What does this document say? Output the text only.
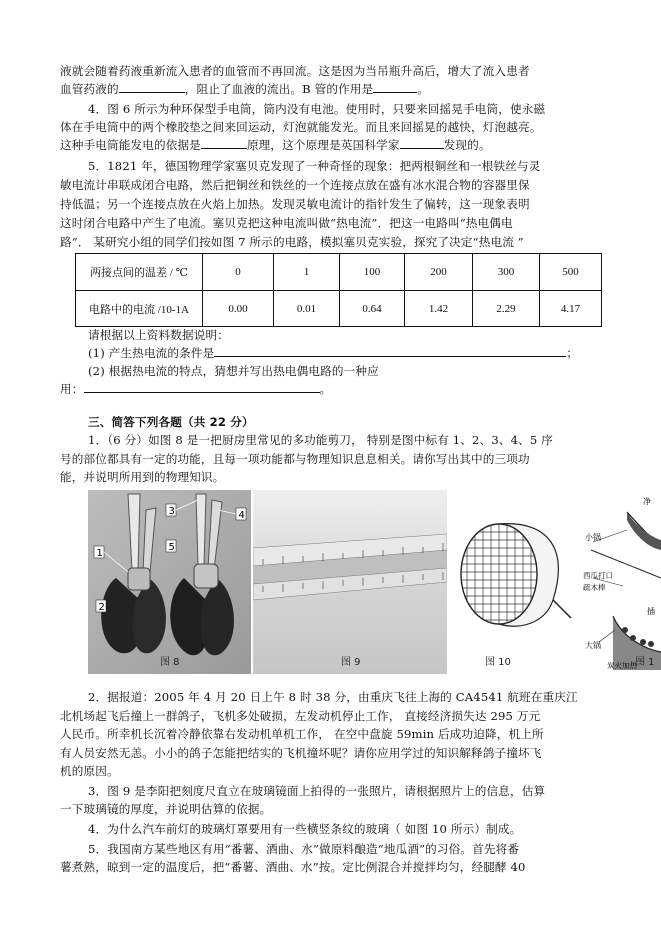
液就会随着药液重新流入患者的血管而不再回流。这是因为当吊瓶升高后，增大了流入患者
血管药液的	，阻止了血液的流出。B 管的作用是	。
4．图 6 所示为种环保型手电筒，筒内没有电池。使用时，只要来回摇晃手电筒，使永磁
体在手电筒中的两个橡胶垫之间来回运动，灯泡就能发光。而且来回摇晃的越快，灯泡越亮。
这种手电筒能发电的依据是	原理，这个原理是英国科学家	发现的。
5．1821 年，德国物理学家塞贝克发现了一种奇怪的现象：把两根铜丝和一根铁丝与灵
敏电流计串联成闭合电路，然后把铜丝和铁丝的一个连接点放在盛有冰水混合物的容器里保
持低温；另一个连接点放在火焰上加热。发现灵敏电流计的指针发生了偏转，这一现象表明
这时闭合电路中产生了电流。塞贝克把这种电流叫做“热电流”．把这一电路叫“热电偶电
路”． 某研究小组的同学们按如图 7 所示的电路，模拟塞贝克实验，探究了决定“热电流 ”
两接点间的温差 / ℃	0	1	100	200	300	500
电路中的电流 /10-1A	0.00	0.01	0.64	1.42	2.29	4.17
请根据以上资料数据说明：
(1) 产生热电流的条件是	；
(2) 根据热电流的特点，猜想并写出热电偶电路的一种应
用：	。
三、简答下列各题（共 22 分）
1．（6 分）如图 8 是一把厨房里常见的多功能剪刀， 特别是图中标有 1、2、3、4、5 序
号的部位都具有一定的功能，且每一项功能都与物理知识息息相关。请你写出其中的三项功
能，并说明所用到的物理知识。
1
2
3	4
5
图 8	图 9	图 10
小锅
西瓜打口
疏木棒
大锅
炭火加热
净
插
图 1
2．据报道：2005 年 4 月 20 日上午 8 时 38 分，由重庆飞往上海的 CA4541 航班在重庆江
北机场起飞后撞上一群鸽子，飞机多处破损，左发动机停止工作， 直接经济损失达 295 万元
人民币。所幸机长沉着冷静依靠右发动机单机工作， 在空中盘旋 59min 后成功迫降，机上所
有人员安然无恙。小小的鸽子怎能把结实的飞机撞坏呢？请你应用学过的知识解释鸽子撞坏飞
机的原因。
3．图 9 是李阳把刻度尺直立在玻璃镜面上拍得的一张照片，请根据照片上的信息，估算
一下玻璃镜的厚度，并说明估算的依据。
4．为什么汽车前灯的玻璃灯罩要用有一些横竖条纹的玻璃（ 如图 10 所示）制成。
5．我国南方某些地区有用“番薯、酒曲、水”做原料酿造“地瓜酒”的习俗。首先将番
薯煮熟，晾到一定的温度后，把“番薯、酒曲、水”按。定比例混合并搅拌均匀，经腿酵 40
